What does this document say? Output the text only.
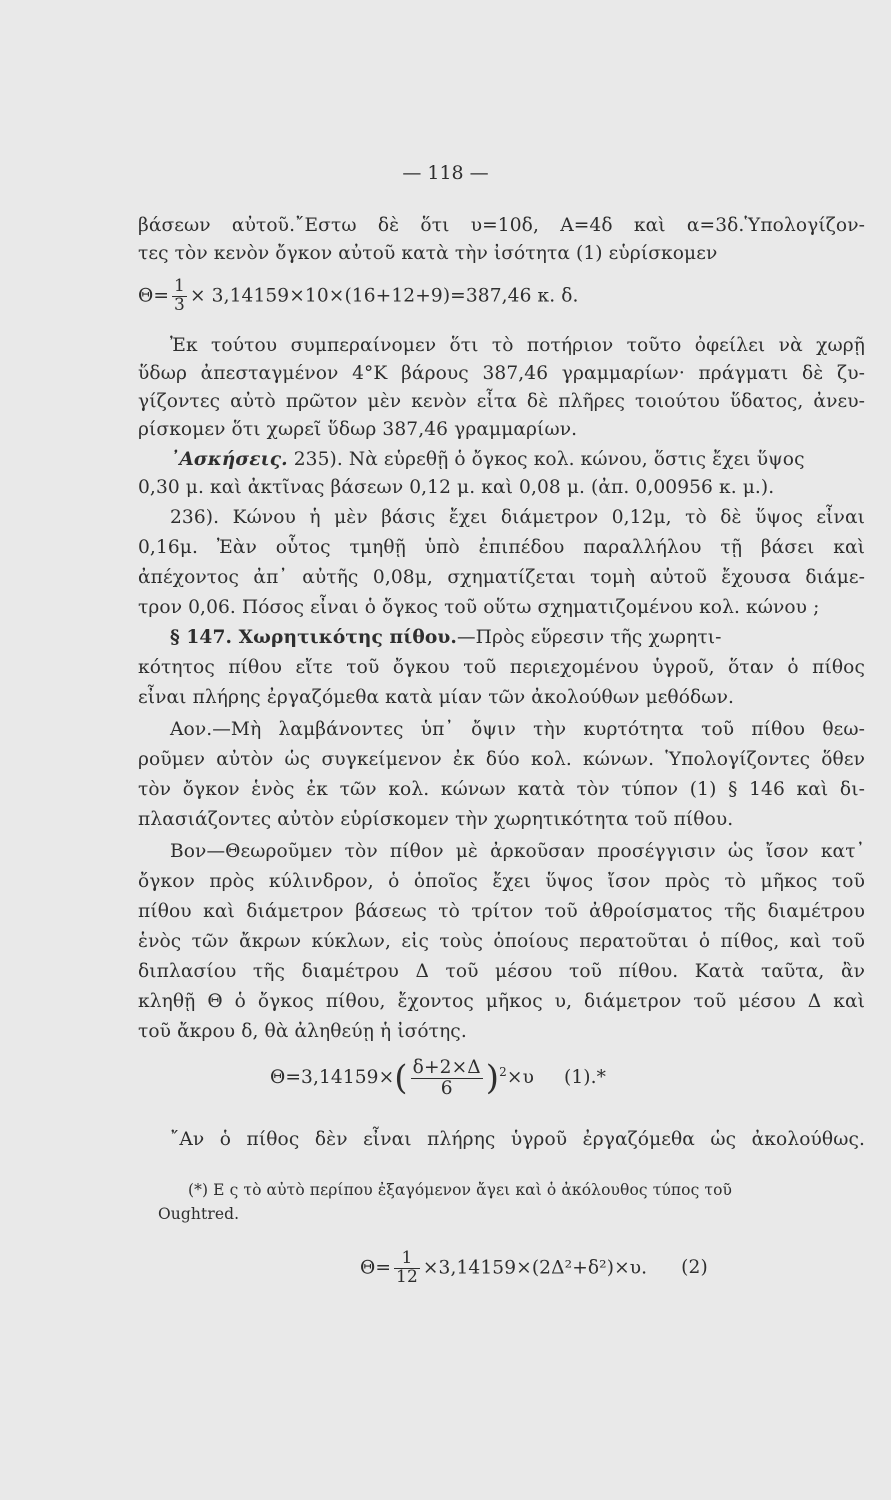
— 118 —
βάσεων αὐτοῦ.῎Εστω δὲ ὅτι υ=10δ, Α=4δ καὶ α=3δ.Ὑπολογίζον-
τες τὸν κενὸν ὄγκον αὐτοῦ κατὰ τὴν ἰσότητα (1) εὑρίσκομεν
$\Theta= \frac{1}{3} \times 3,14159\times 10\times(16+12+9)=387,46$ κ. δ.
Ἐκ τούτου συμπεραίνομεν ὅτι τὸ ποτήριον τοῦτο ὀφείλει νὰ χωρῇ
ὕδωρ ἀπεσταγμένον 4°Κ βάρους 387,46 γραμμαρίων· πράγματι δὲ ζυ-
γίζοντες αὐτὸ πρῶτον μὲν κενὸν εἶτα δὲ πλῆρες τοιούτου ὕδατος, ἀνευ-
ρίσκομεν ὅτι χωρεῖ ὕδωρ 387,46 γραμμαρίων.
᾿Ασκήσεις. 235). Νὰ εὑρεθῇ ὁ ὄγκος κολ. κώνου, ὅστις ἔχει ὕψος
0,30 μ. καὶ ἀκτῖνας βάσεων 0,12 μ. καὶ 0,08 μ. (ἀπ. 0,00956 κ. μ.).
236). Κώνου ἡ μὲν βάσις ἔχει διάμετρον 0,12μ, τὸ δὲ ὕψος εἶναι
0,16μ. Ἐὰν οὗτος τμηθῇ ὑπὸ ἐπιπέδου παραλλήλου τῇ βάσει καὶ
ἀπέχοντος ἀπ᾿ αὐτῆς 0,08μ, σχηματίζεται τομὴ αὐτοῦ ἔχουσα διάμε-
τρον 0,06. Πόσος εἶναι ὁ ὄγκος τοῦ οὕτω σχηματιζομένου κολ. κώνου ;
§ 147. Χωρητικότης πίθου.—Πρὸς εὕρεσιν τῆς χωρητι-
κότητος πίθου εἴτε τοῦ ὄγκου τοῦ περιεχομένου ὑγροῦ, ὅταν ὁ πίθος
εἶναι πλήρης ἐργαζόμεθα κατὰ μίαν τῶν ἀκολούθων μεθόδων.
Αον.—Μὴ λαμβάνοντες ὑπ᾿ ὄψιν τὴν κυρτότητα τοῦ πίθου θεω-
ροῦμεν αὐτὸν ὡς συγκείμενον ἐκ δύο κολ. κώνων. Ὑπολογίζοντες ὅθεν
τὸν ὄγκον ἑνὸς ἐκ τῶν κολ. κώνων κατὰ τὸν τύπον (1) § 146 καὶ δι-
πλασιάζοντες αὐτὸν εὑρίσκομεν τὴν χωρητικότητα τοῦ πίθου.
Βον—Θεωροῦμεν τὸν πίθον μὲ ἀρκοῦσαν προσέγγισιν ὡς ἴσον κατ᾿
ὄγκον πρὸς κύλινδρον, ὁ ὁποῖος ἔχει ὕψος ἴσον πρὸς τὸ μῆκος τοῦ
πίθου καὶ διάμετρον βάσεως τὸ τρίτον τοῦ ἀθροίσματος τῆς διαμέτρου
ἑνὸς τῶν ἄκρων κύκλων, εἰς τοὺς ὁποίους περατοῦται ὁ πίθος, καὶ τοῦ
διπλασίου τῆς διαμέτρου Δ τοῦ μέσου τοῦ πίθου. Κατὰ ταῦτα, ἂν
κληθῇ Θ ὁ ὄγκος πίθου, ἔχοντος μῆκος υ, διάμετρον τοῦ μέσου Δ καὶ
τοῦ ἄκρου δ, θὰ ἀληθεύῃ ἡ ἰσότης.
$\Theta=3,14159\times( \frac{\delta+2\times\Delta}{6} )^2\times\upsilon$ (1).*
῎Αν ὁ πίθος δὲν εἶναι πλήρης ὑγροῦ ἐργαζόμεθα ὡς ἀκολούθως.
(*) Ε ς τὸ αὐτὸ περίπου ἐξαγόμενον ἄγει καὶ ὁ ἀκόλουθος τύπος τοῦ
Oughtred.
$\Theta= \frac{1}{12} \times 3,14159\times(2\Delta^2+\delta^2)\times\upsilon$. (2)
